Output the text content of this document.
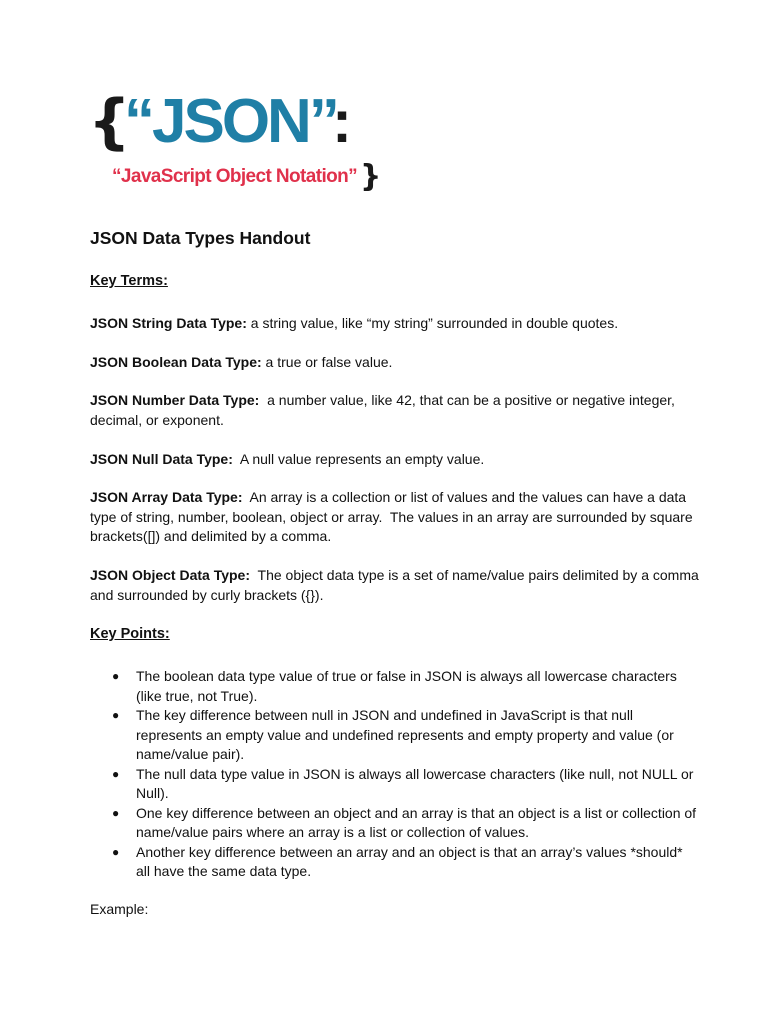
{
“JSON”
:
“JavaScript Object Notation” }
JSON Data Types Handout
Key Terms:

JSON String Data Type: a string value, like “my string” surrounded in double quotes.

JSON Boolean Data Type: a true or false value.

JSON Number Data Type:  a number value, like 42, that can be a positive or negative integer, decimal, or exponent.

JSON Null Data Type:  A null value represents an empty value.

JSON Array Data Type:  An array is a collection or list of values and the values can have a data type of string, number, boolean, object or array.  The values in an array are surrounded by square brackets([]) and delimited by a comma.

JSON Object Data Type:  The object data type is a set of name/value pairs delimited by a comma and surrounded by curly brackets ({}).

Key Points:
● The boolean data type value of true or false in JSON is always all lowercase characters (like true, not True).
● The key difference between null in JSON and undefined in JavaScript is that null represents an empty value and undefined represents and empty property and value (or name/value pair).
● The null data type value in JSON is always all lowercase characters (like null, not NULL or Null).
● One key difference between an object and an array is that an object is a list or collection of name/value pairs where an array is a list or collection of values.
● Another key difference between an array and an object is that an array’s values *should* all have the same data type.

Example:
